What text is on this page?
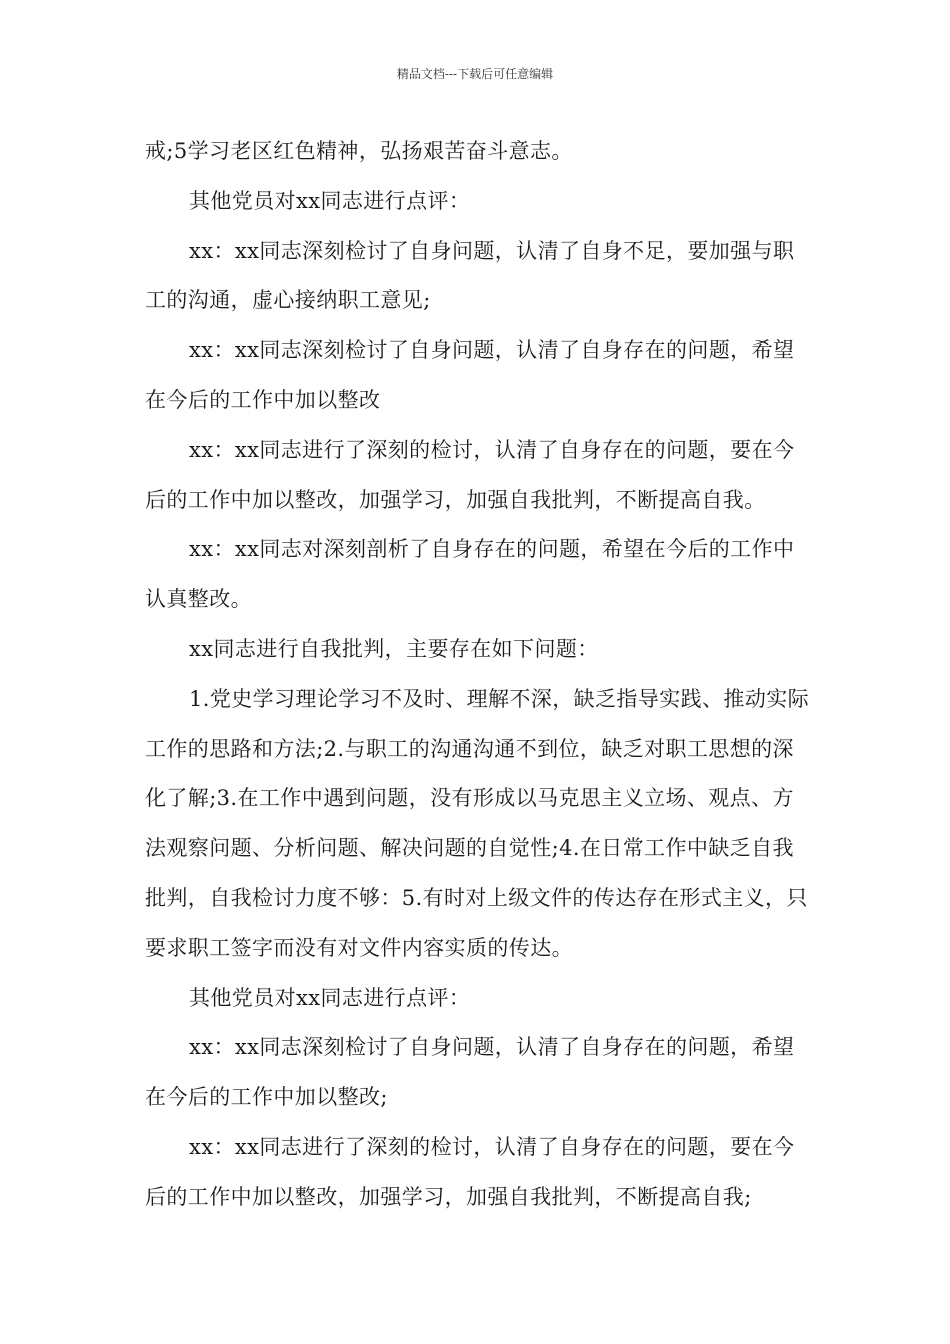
精品文档---下载后可任意编辑

戒;5学习老区红色精神，弘扬艰苦奋斗意志。

其他党员对xx同志进行点评：

xx：xx同志深刻检讨了自身问题，认清了自身不足，要加强与职工的沟通，虚心接纳职工意见;

xx：xx同志深刻检讨了自身问题，认清了自身存在的问题，希望在今后的工作中加以整改

xx：xx同志进行了深刻的检讨，认清了自身存在的问题，要在今后的工作中加以整改，加强学习，加强自我批判，不断提高自我。

xx：xx同志对深刻剖析了自身存在的问题，希望在今后的工作中认真整改。

xx同志进行自我批判，主要存在如下问题：

1.党史学习理论学习不及时、理解不深，缺乏指导实践、推动实际工作的思路和方法;2.与职工的沟通沟通不到位，缺乏对职工思想的深化了解;3.在工作中遇到问题，没有形成以马克思主义立场、观点、方法观察问题、分析问题、解决问题的自觉性;4.在日常工作中缺乏自我批判，自我检讨力度不够：5.有时对上级文件的传达存在形式主义，只要求职工签字而没有对文件内容实质的传达。

其他党员对xx同志进行点评：

xx：xx同志深刻检讨了自身问题，认清了自身存在的问题，希望在今后的工作中加以整改;

xx：xx同志进行了深刻的检讨，认清了自身存在的问题，要在今后的工作中加以整改，加强学习，加强自我批判，不断提高自我;
